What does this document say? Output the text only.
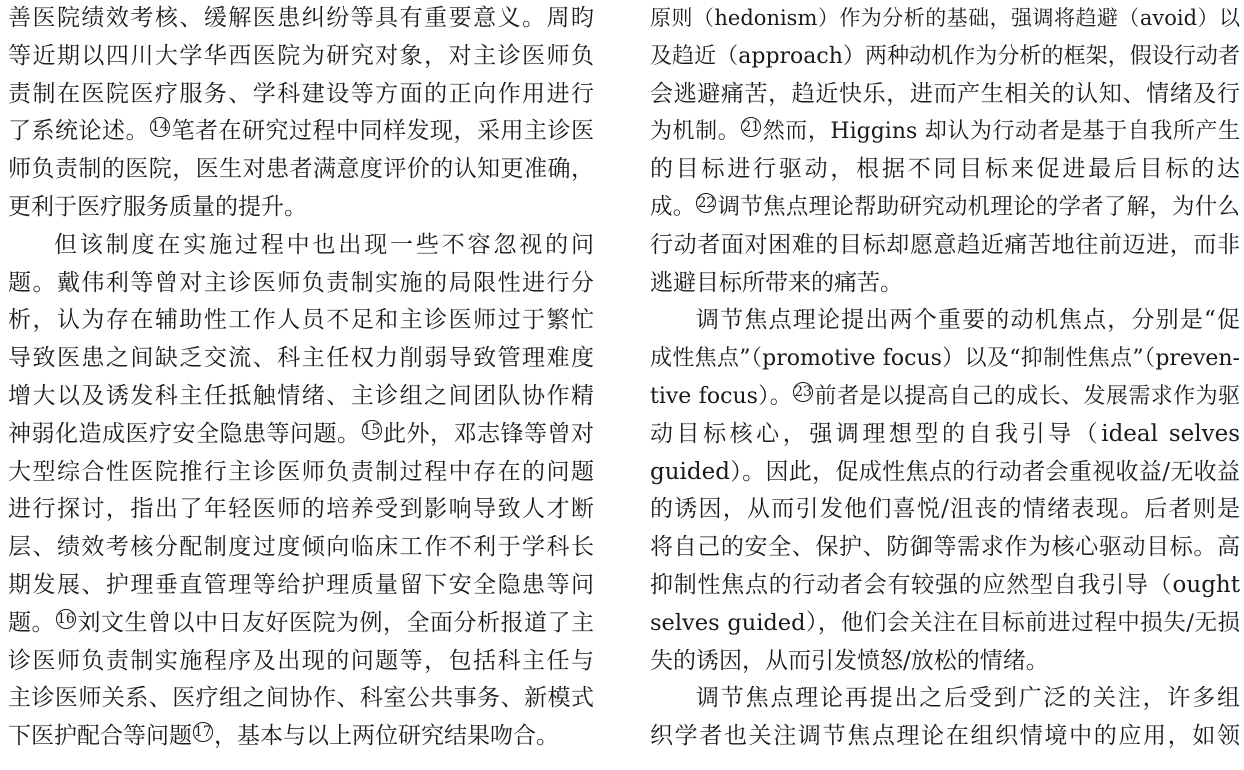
善医院绩效考核、缓解医患纠纷等具有重要意义。周昀
等近期以四川大学华西医院为研究对象，对主诊医师负
责制在医院医疗服务、学科建设等方面的正向作用进行
了系统论述。 14笔者在研究过程中同样发现，采用主诊医
师负责制的医院，医生对患者满意度评价的认知更准确，
更利于医疗服务质量的提升。
但该制度在实施过程中也出现一些不容忽视的问
题。戴伟利等曾对主诊医师负责制实施的局限性进行分
析，认为存在辅助性工作人员不足和主诊医师过于繁忙
导致医患之间缺乏交流、科主任权力削弱导致管理难度
增大以及诱发科主任抵触情绪、主诊组之间团队协作精
神弱化造成医疗安全隐患等问题。 15此外，邓志锋等曾对
大型综合性医院推行主诊医师负责制过程中存在的问题
进行探讨，指出了年轻医师的培养受到影响导致人才断
层、绩效考核分配制度过度倾向临床工作不利于学科长
期发展、护理垂直管理等给护理质量留下安全隐患等问
题。 16刘文生曾以中日友好医院为例，全面分析报道了主
诊医师负责制实施程序及出现的问题等，包括科主任与
主诊医师关系、医疗组之间协作、科室公共事务、新模式
下医护配合等问题 17，基本与以上两位研究结果吻合。
原则（hedonism）作为分析的基础，强调将趋避（avoid）以
及趋近（approach）两种动机作为分析的框架，假设行动者
会逃避痛苦，趋近快乐，进而产生相关的认知、情绪及行
为机制。 21然而，Higgins 却认为行动者是基于自我所产生
的目标进行驱动，根据不同目标来促进最后目标的达
成。 22调节焦点理论帮助研究动机理论的学者了解，为什么
行动者面对困难的目标却愿意趋近痛苦地往前迈进，而非
逃避目标所带来的痛苦。
调节焦点理论提出两个重要的动机焦点，分别是“促
成性焦点”（promotive focus）以及“抑制性焦点”（preven-
tive focus）。 23前者是以提高自己的成长、发展需求作为驱
动目标核心，强调理想型的自我引导（ideal selves
guided）。因此，促成性焦点的行动者会重视收益/无收益
的诱因，从而引发他们喜悦/沮丧的情绪表现。后者则是
将自己的安全、保护、防御等需求作为核心驱动目标。高
抑制性焦点的行动者会有较强的应然型自我引导（ought
selves guided），他们会关注在目标前进过程中损失/无损
失的诱因，从而引发愤怒/放松的情绪。
调节焦点理论再提出之后受到广泛的关注，许多组
织学者也关注调节焦点理论在组织情境中的应用，如领
